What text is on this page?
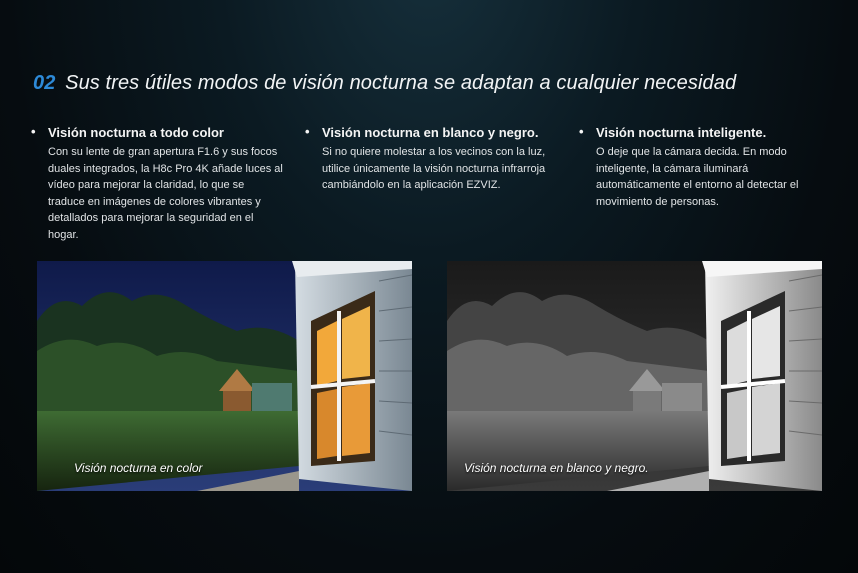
02 Sus tres útiles modos de visión nocturna se adaptan a cualquier necesidad
• Visión nocturna a todo color
Con su lente de gran apertura F1.6 y sus focos duales integrados, la H8c Pro 4K añade luces al vídeo para mejorar la claridad, lo que se traduce en imágenes de colores vibrantes y detallados para mejorar la seguridad en el hogar.
• Visión nocturna en blanco y negro.
Si no quiere molestar a los vecinos con la luz, utilice únicamente la visión nocturna infrarroja cambiándolo en la aplicación EZVIZ.
• Visión nocturna inteligente.
O deje que la cámara decida. En modo inteligente, la cámara iluminará automáticamente el entorno al detectar el movimiento de personas.
Visión nocturna en color	Visión nocturna en blanco y negro.
